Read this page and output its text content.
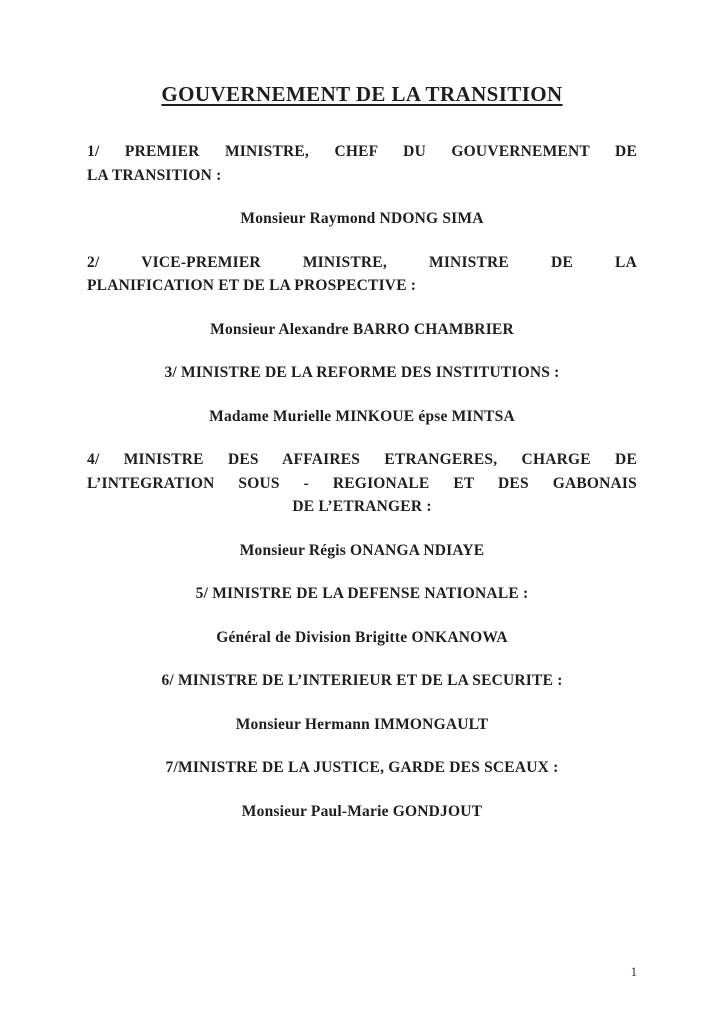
GOUVERNEMENT DE LA TRANSITION

1/ PREMIER MINISTRE, CHEF DU GOUVERNEMENT DE
LA TRANSITION :

Monsieur Raymond NDONG SIMA

2/ VICE-PREMIER MINISTRE, MINISTRE DE LA
PLANIFICATION ET DE LA PROSPECTIVE :

Monsieur Alexandre BARRO CHAMBRIER

3/ MINISTRE DE LA REFORME DES INSTITUTIONS :

Madame Murielle MINKOUE épse MINTSA

4/ MINISTRE DES AFFAIRES ETRANGERES, CHARGE DE
L’INTEGRATION SOUS - REGIONALE ET DES GABONAIS
DE L’ETRANGER :

Monsieur Régis ONANGA NDIAYE

5/ MINISTRE DE LA DEFENSE NATIONALE :

Général de Division Brigitte ONKANOWA

6/ MINISTRE DE L’INTERIEUR ET DE LA SECURITE :

Monsieur Hermann IMMONGAULT

7/MINISTRE DE LA JUSTICE, GARDE DES SCEAUX :

Monsieur Paul-Marie GONDJOUT

1
